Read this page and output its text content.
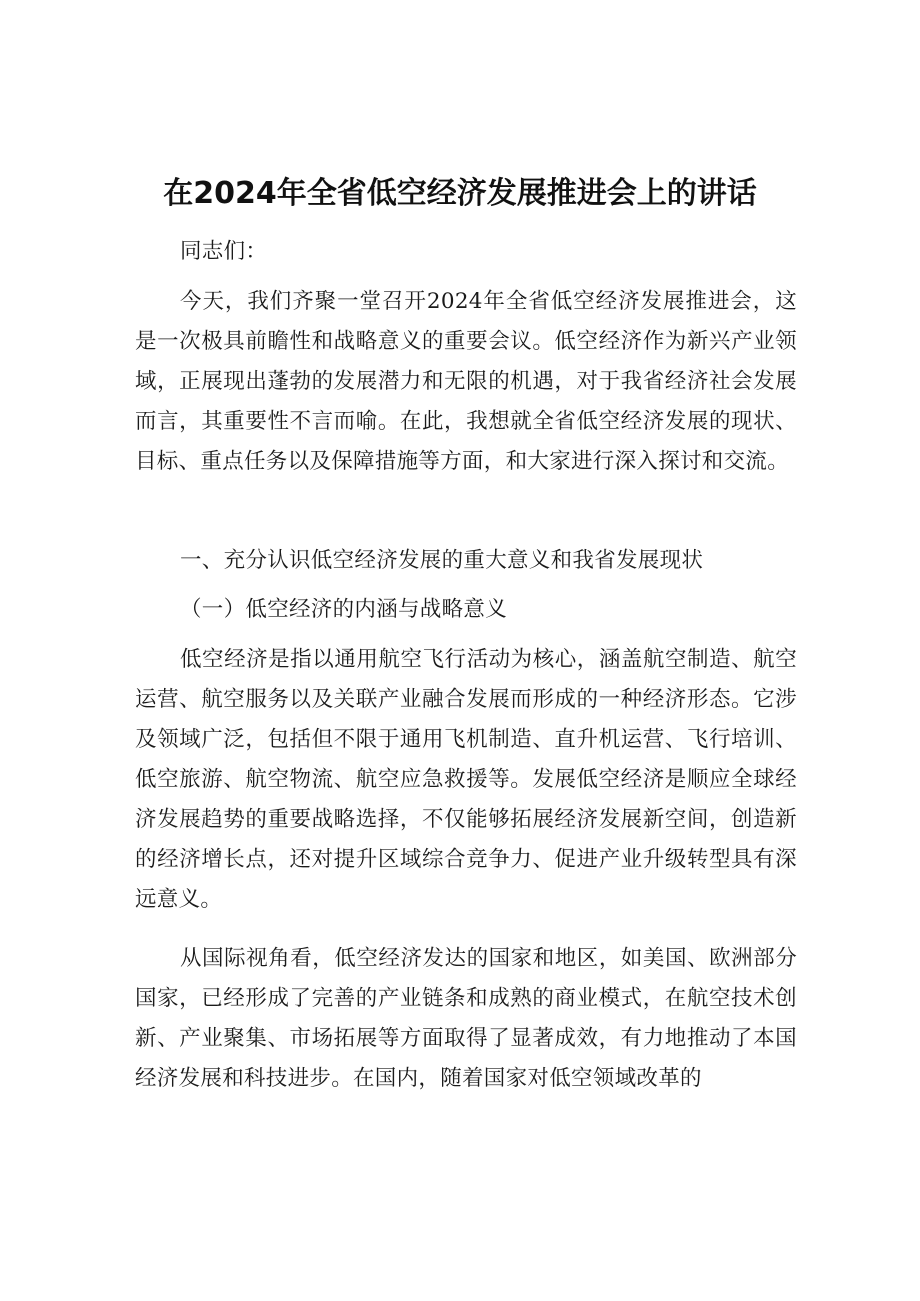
在2024年全省低空经济发展推进会上的讲话

同志们：

今天，我们齐聚一堂召开2024年全省低空经济发展推进会，这是一次极具前瞻性和战略意义的重要会议。低空经济作为新兴产业领域，正展现出蓬勃的发展潜力和无限的机遇，对于我省经济社会发展而言，其重要性不言而喻。在此，我想就全省低空经济发展的现状、目标、重点任务以及保障措施等方面，和大家进行深入探讨和交流。

一、充分认识低空经济发展的重大意义和我省发展现状

（一）低空经济的内涵与战略意义

低空经济是指以通用航空飞行活动为核心，涵盖航空制造、航空运营、航空服务以及关联产业融合发展而形成的一种经济形态。它涉及领域广泛，包括但不限于通用飞机制造、直升机运营、飞行培训、低空旅游、航空物流、航空应急救援等。发展低空经济是顺应全球经济发展趋势的重要战略选择，不仅能够拓展经济发展新空间，创造新的经济增长点，还对提升区域综合竞争力、促进产业升级转型具有深远意义。

从国际视角看，低空经济发达的国家和地区，如美国、欧洲部分国家，已经形成了完善的产业链条和成熟的商业模式，在航空技术创新、产业聚集、市场拓展等方面取得了显著成效，有力地推动了本国经济发展和科技进步。在国内，随着国家对低空领域改革的
